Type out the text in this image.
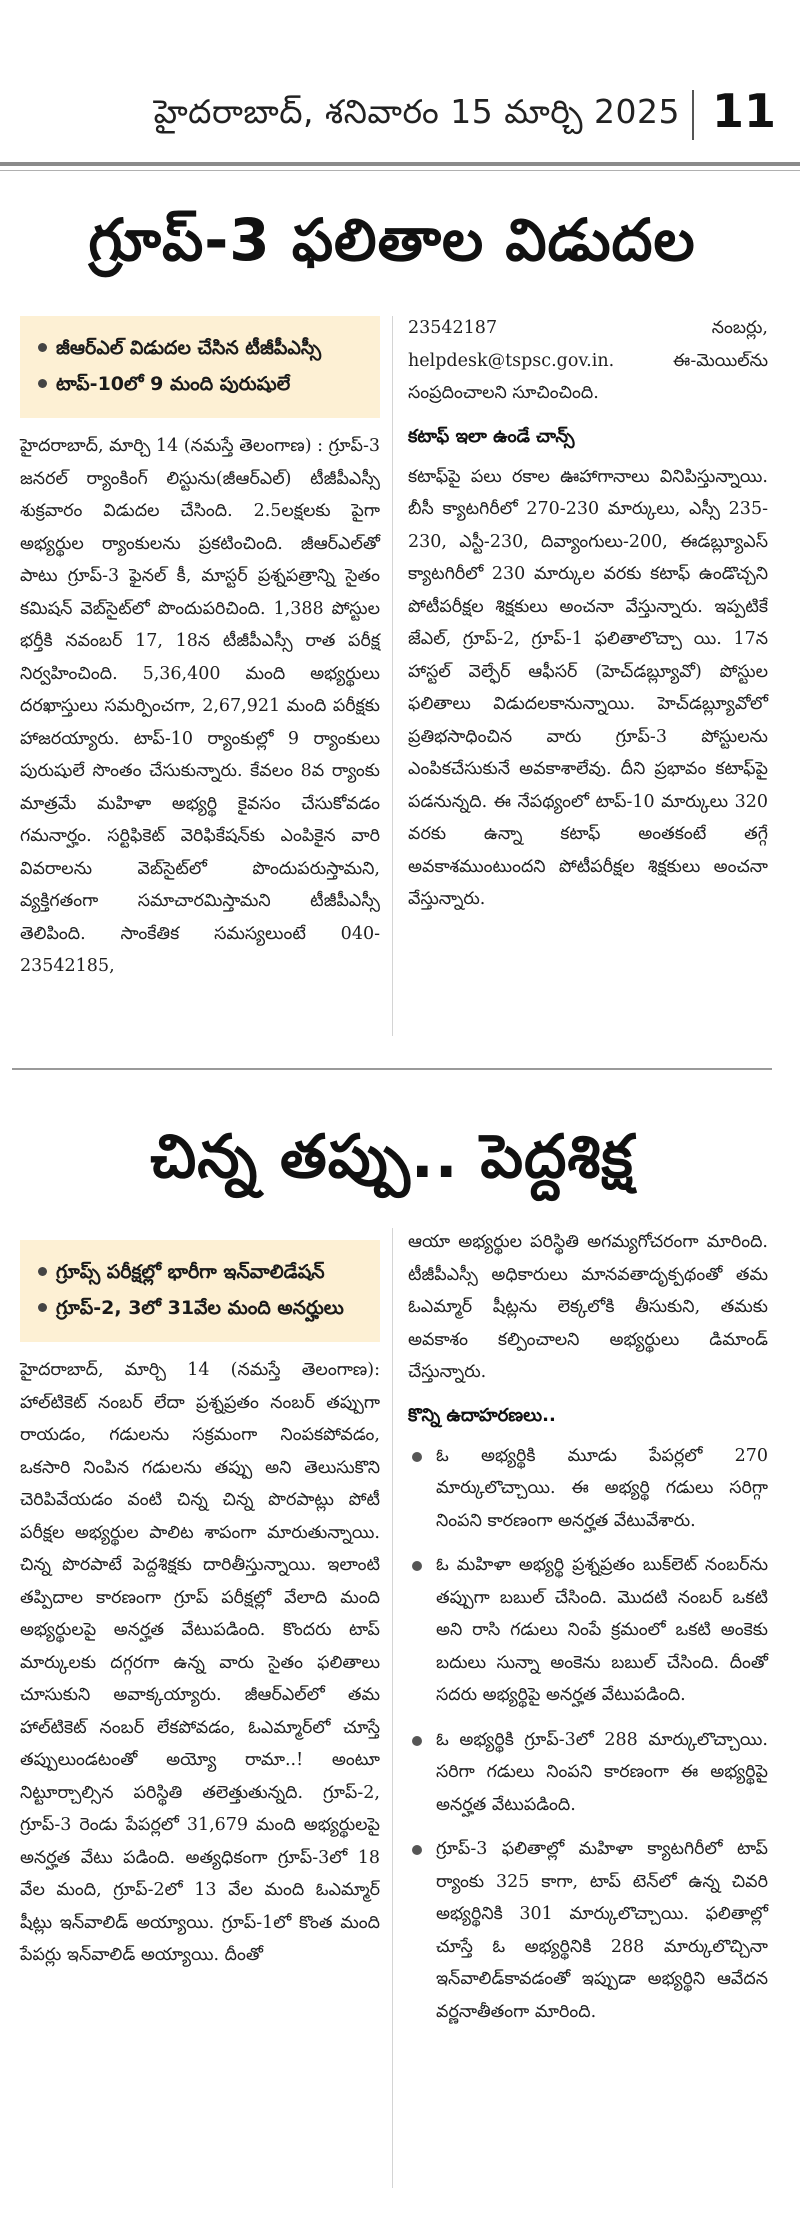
హైదరాబాద్, శనివారం 15 మార్చి 2025 11
గ్రూప్-3 ఫలితాల విడుదల
జీఆర్ఎల్ విడుదల చేసిన టీజీపీఎస్సీ
టాప్-10లో 9 మంది పురుషులే

హైదరాబాద్, మార్చి 14 (నమస్తే తెలంగాణ) : గ్రూప్-3 జనరల్ ర్యాంకింగ్ లిస్టును(జీఆర్ఎల్) టీజీపీఎస్సీ శుక్రవారం విడుదల చేసింది. 2.5లక్షలకు పైగా అభ్యర్థుల ర్యాంకులను ప్రకటించింది. జీఆర్ఎల్‌తో పాటు గ్రూప్-3 ఫైనల్ కీ, మాస్టర్ ప్రశ్నపత్రాన్ని సైతం కమిషన్ వెబ్‌సైట్‌లో పొందుపరిచింది. 1,388 పోస్టుల భర్తీకి నవంబర్ 17, 18న టీజీపీఎస్సీ రాత పరీక్ష నిర్వహించింది. 5,36,400 మంది అభ్యర్థులు దరఖాస్తులు సమర్పించగా, 2,67,921 మంది పరీక్షకు హాజరయ్యారు. టాప్-10 ర్యాంకుల్లో 9 ర్యాంకులు పురుషులే సొంతం చేసుకున్నారు. కేవలం 8వ ర్యాంకు మాత్రమే మహిళా అభ్యర్థి కైవసం చేసుకోవడం గమనార్హం. సర్టిఫికెట్ వెరిఫికేషన్‌కు ఎంపికైన వారి వివరాలను వెబ్‌సైట్‌లో పొందుపరుస్తామని, వ్యక్తిగతంగా సమాచారమిస్తామని టీజీపీఎస్సీ తెలిపింది. సాంకేతిక సమస్యలుంటే 040-23542185,

23542187 నంబర్లు, helpdesk@tspsc.gov.in. ఈ-మెయిల్‌ను సంప్రదించాలని సూచించింది.

కటాఫ్ ఇలా ఉండే చాన్స్

కటాఫ్‌పై పలు రకాల ఊహాగానాలు వినిపిస్తున్నాయి. బీసీ క్యాటగిరీలో 270-230 మార్కులు, ఎస్సీ 235-230, ఎస్టీ-230, దివ్యాంగులు-200, ఈడబ్ల్యూఎస్ క్యాటగిరీలో 230 మార్కుల వరకు కటాఫ్ ఉండొచ్చని పోటీపరీక్షల శిక్షకులు అంచనా వేస్తున్నారు. ఇప్పటికే జేఎల్, గ్రూప్-2, గ్రూప్-1 ఫలితాలొచ్చా యి. 17న హాస్టల్ వెల్ఫేర్ ఆఫీసర్ (హెచ్‌డబ్ల్యూవో) పోస్టుల ఫలితాలు విడుదలకానున్నాయి. హెచ్‌డబ్ల్యూవోలో ప్రతిభసాధించిన వారు గ్రూప్-3 పోస్టులను ఎంపికచేసుకునే అవకాశాలేవు. దీని ప్రభావం కటాఫ్‌పై పడనున్నది. ఈ నేపథ్యంలో టాప్-10 మార్కులు 320 వరకు ఉన్నా కటాఫ్ అంతకంటే తగ్గే అవకాశముంటుందని పోటీపరీక్షల శిక్షకులు అంచనా వేస్తున్నారు.

చిన్న తప్పు.. పెద్దశిక్ష
గ్రూప్స్ పరీక్షల్లో భారీగా ఇన్‌వాలిడేషన్
గ్రూప్-2, 3లో 31వేల మంది అనర్హులు

హైదరాబాద్, మార్చి 14 (నమస్తే తెలంగాణ): హాల్‌టికెట్ నంబర్ లేదా ప్రశ్నప్రతం నంబర్ తప్పుగా రాయడం, గడులను సక్రమంగా నింపకపోవడం, ఒకసారి నింపిన గడులను తప్పు అని తెలుసుకొని చెరిపివేయడం వంటి చిన్న చిన్న పొరపాట్లు పోటీ పరీక్షల అభ్యర్థుల పాలిట శాపంగా మారుతున్నాయి. చిన్న పొరపాటే పెద్దశిక్షకు దారితీస్తున్నాయి. ఇలాంటి తప్పిదాల కారణంగా గ్రూప్ పరీక్షల్లో వేలాది మంది అభ్యర్థులపై అనర్హత వేటుపడింది. కొందరు టాప్ మార్కులకు దగ్గరగా ఉన్న వారు సైతం ఫలితాలు చూసుకుని అవాక్కయ్యారు. జీఆర్ఎల్‌లో తమ హాల్‌టికెట్ నంబర్ లేకపోవడం, ఓఎమ్మార్‌లో చూస్తే తప్పులుండటంతో అయ్యో రామా..! అంటూ నిట్టూర్చాల్సిన పరిస్థితి తలెత్తుతున్నది. గ్రూప్-2, గ్రూప్-3 రెండు పేపర్లలో 31,679 మంది అభ్యర్థులపై అనర్హత వేటు పడింది. అత్యధికంగా గ్రూప్-3లో 18 వేల మంది, గ్రూప్-2లో 13 వేల మంది ఓఎమ్మార్ షీట్లు ఇన్‌వాలిడ్ అయ్యాయి. గ్రూప్-1లో కొంత మంది పేపర్లు ఇన్‌వాలిడ్ అయ్యాయి. దీంతో

ఆయా అభ్యర్థుల పరిస్థితి అగమ్యగోచరంగా మారింది. టీజీపీఎస్సీ అధికారులు మానవతాదృక్పథంతో తమ ఓఎమ్మార్ షీట్లను లెక్కలోకి తీసుకుని, తమకు అవకాశం కల్పించాలని అభ్యర్థులు డిమాండ్ చేస్తున్నారు.

కొన్ని ఉదాహరణలు..
ఓ అభ్యర్థికి మూడు పేపర్లలో 270 మార్కులొచ్చాయి. ఈ అభ్యర్థి గడులు సరిగ్గా నింపని కారణంగా అనర్హత వేటువేశారు.
ఓ మహిళా అభ్యర్థి ప్రశ్నప్రతం బుక్‌లెట్ నంబర్‌ను తప్పుగా బబుల్ చేసింది. మొదటి నంబర్ ఒకటి అని రాసి గడులు నింపే క్రమంలో ఒకటి అంకెకు బదులు సున్నా అంకెను బబుల్ చేసింది. దీంతో సదరు అభ్యర్థిపై అనర్హత వేటుపడింది.
ఓ అభ్యర్థికి గ్రూప్-3లో 288 మార్కులొచ్చాయి. సరిగా గడులు నింపని కారణంగా ఈ అభ్యర్థిపై అనర్హత వేటుపడింది.
గ్రూప్-3 ఫలితాల్లో మహిళా క్యాటగిరీలో టాప్ ర్యాంకు 325 కాగా, టాప్ టెన్‌లో ఉన్న చివరి అభ్యర్థినికి 301 మార్కులొచ్చాయి. ఫలితాల్లో చూస్తే ఓ అభ్యర్థినికి 288 మార్కులొచ్చినా ఇన్‌వాలిడ్‌కావడంతో ఇప్పుడా అభ్యర్థిని ఆవేదన వర్ణనాతీతంగా మారింది.
